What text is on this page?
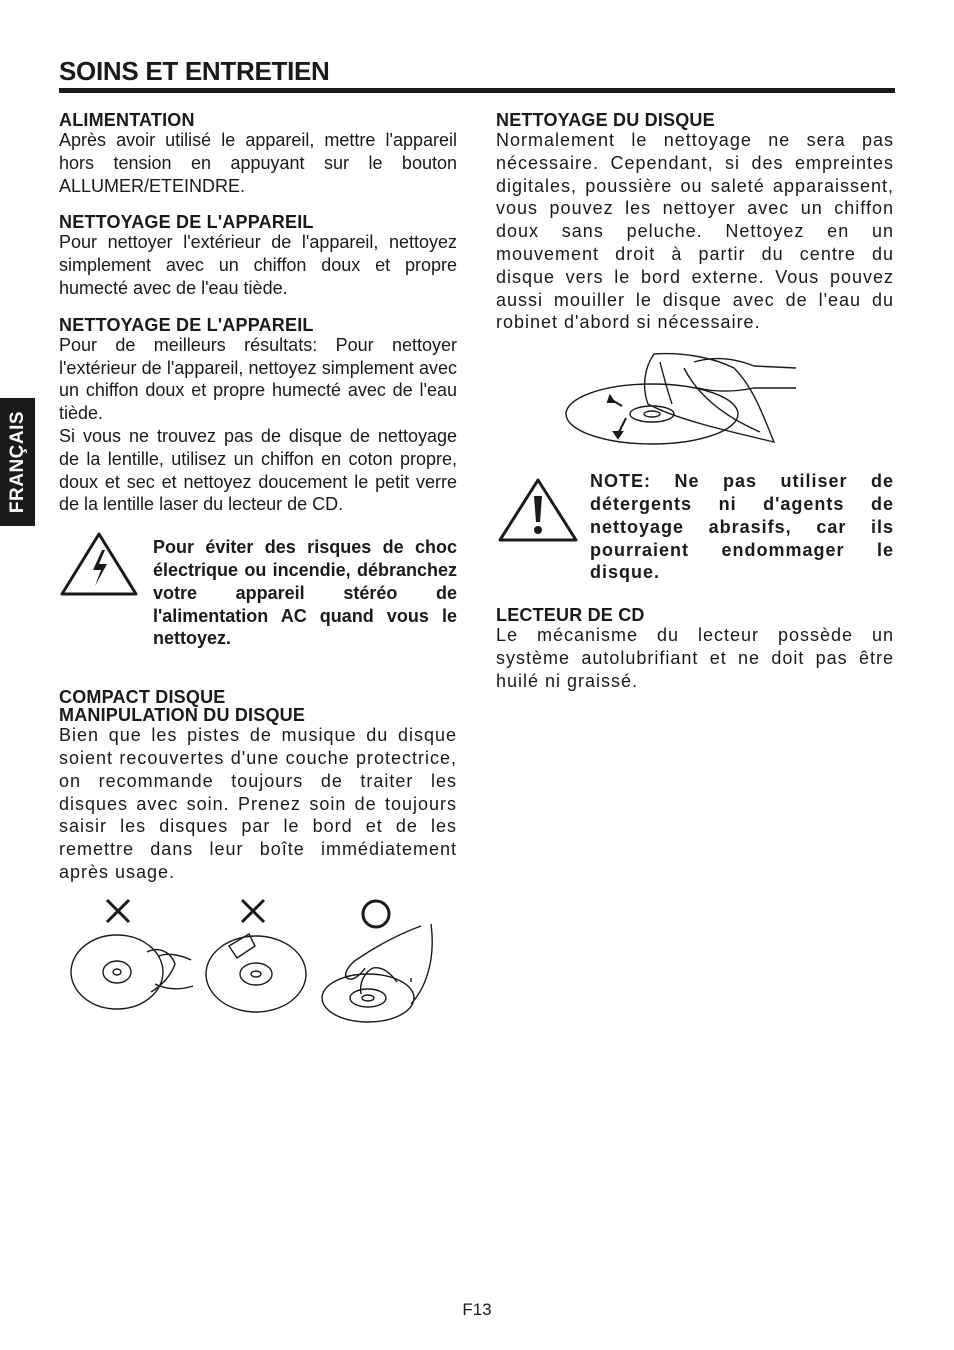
SOINS ET ENTRETIEN
FRANÇAIS
ALIMENTATION

Après avoir utilisé le appareil, mettre l'appareil hors tension en appuyant sur le bouton ALLUMER/ETEINDRE.

NETTOYAGE DE L'APPAREIL

Pour nettoyer l'extérieur de l'appareil, nettoyez simplement avec un chiffon doux et propre humecté avec de l'eau tiède.

NETTOYAGE DE L'APPAREIL

Pour de meilleurs résultats: Pour nettoyer l'extérieur de l'appareil, nettoyez simplement avec un chiffon doux et propre humecté avec de l'eau tiède.

Si vous ne trouvez pas de disque de nettoyage de la lentille, utilisez un chiffon en coton propre, doux et sec et nettoyez doucement le petit verre de la lentille laser du lecteur de CD.

Pour éviter des risques de choc électrique ou incendie, débranchez votre appareil stéréo de l'alimentation AC quand vous le nettoyez.

COMPACT DISQUE
MANIPULATION DU DISQUE

Bien que les pistes de musique du disque soient recouvertes d'une couche protectrice, on recommande toujours de traiter les disques avec soin. Prenez soin de toujours saisir les disques par le bord et de les remettre dans leur boîte immédiatement après usage.

NETTOYAGE DU DISQUE

Normalement le nettoyage ne sera pas nécessaire. Cependant, si des empreintes digitales, poussière ou saleté apparaissent, vous pouvez les nettoyer avec un chiffon doux sans peluche. Nettoyez en un mouvement droit à partir du centre du disque vers le bord externe. Vous pouvez aussi mouiller le disque avec de l'eau du robinet d'abord si nécessaire.

NOTE: Ne pas utiliser de détergents ni d'agents de nettoyage abrasifs, car ils pourraient endommager le disque.

LECTEUR DE CD

Le mécanisme du lecteur possède un système autolubrifiant et ne doit pas être huilé ni graissé.

F13
